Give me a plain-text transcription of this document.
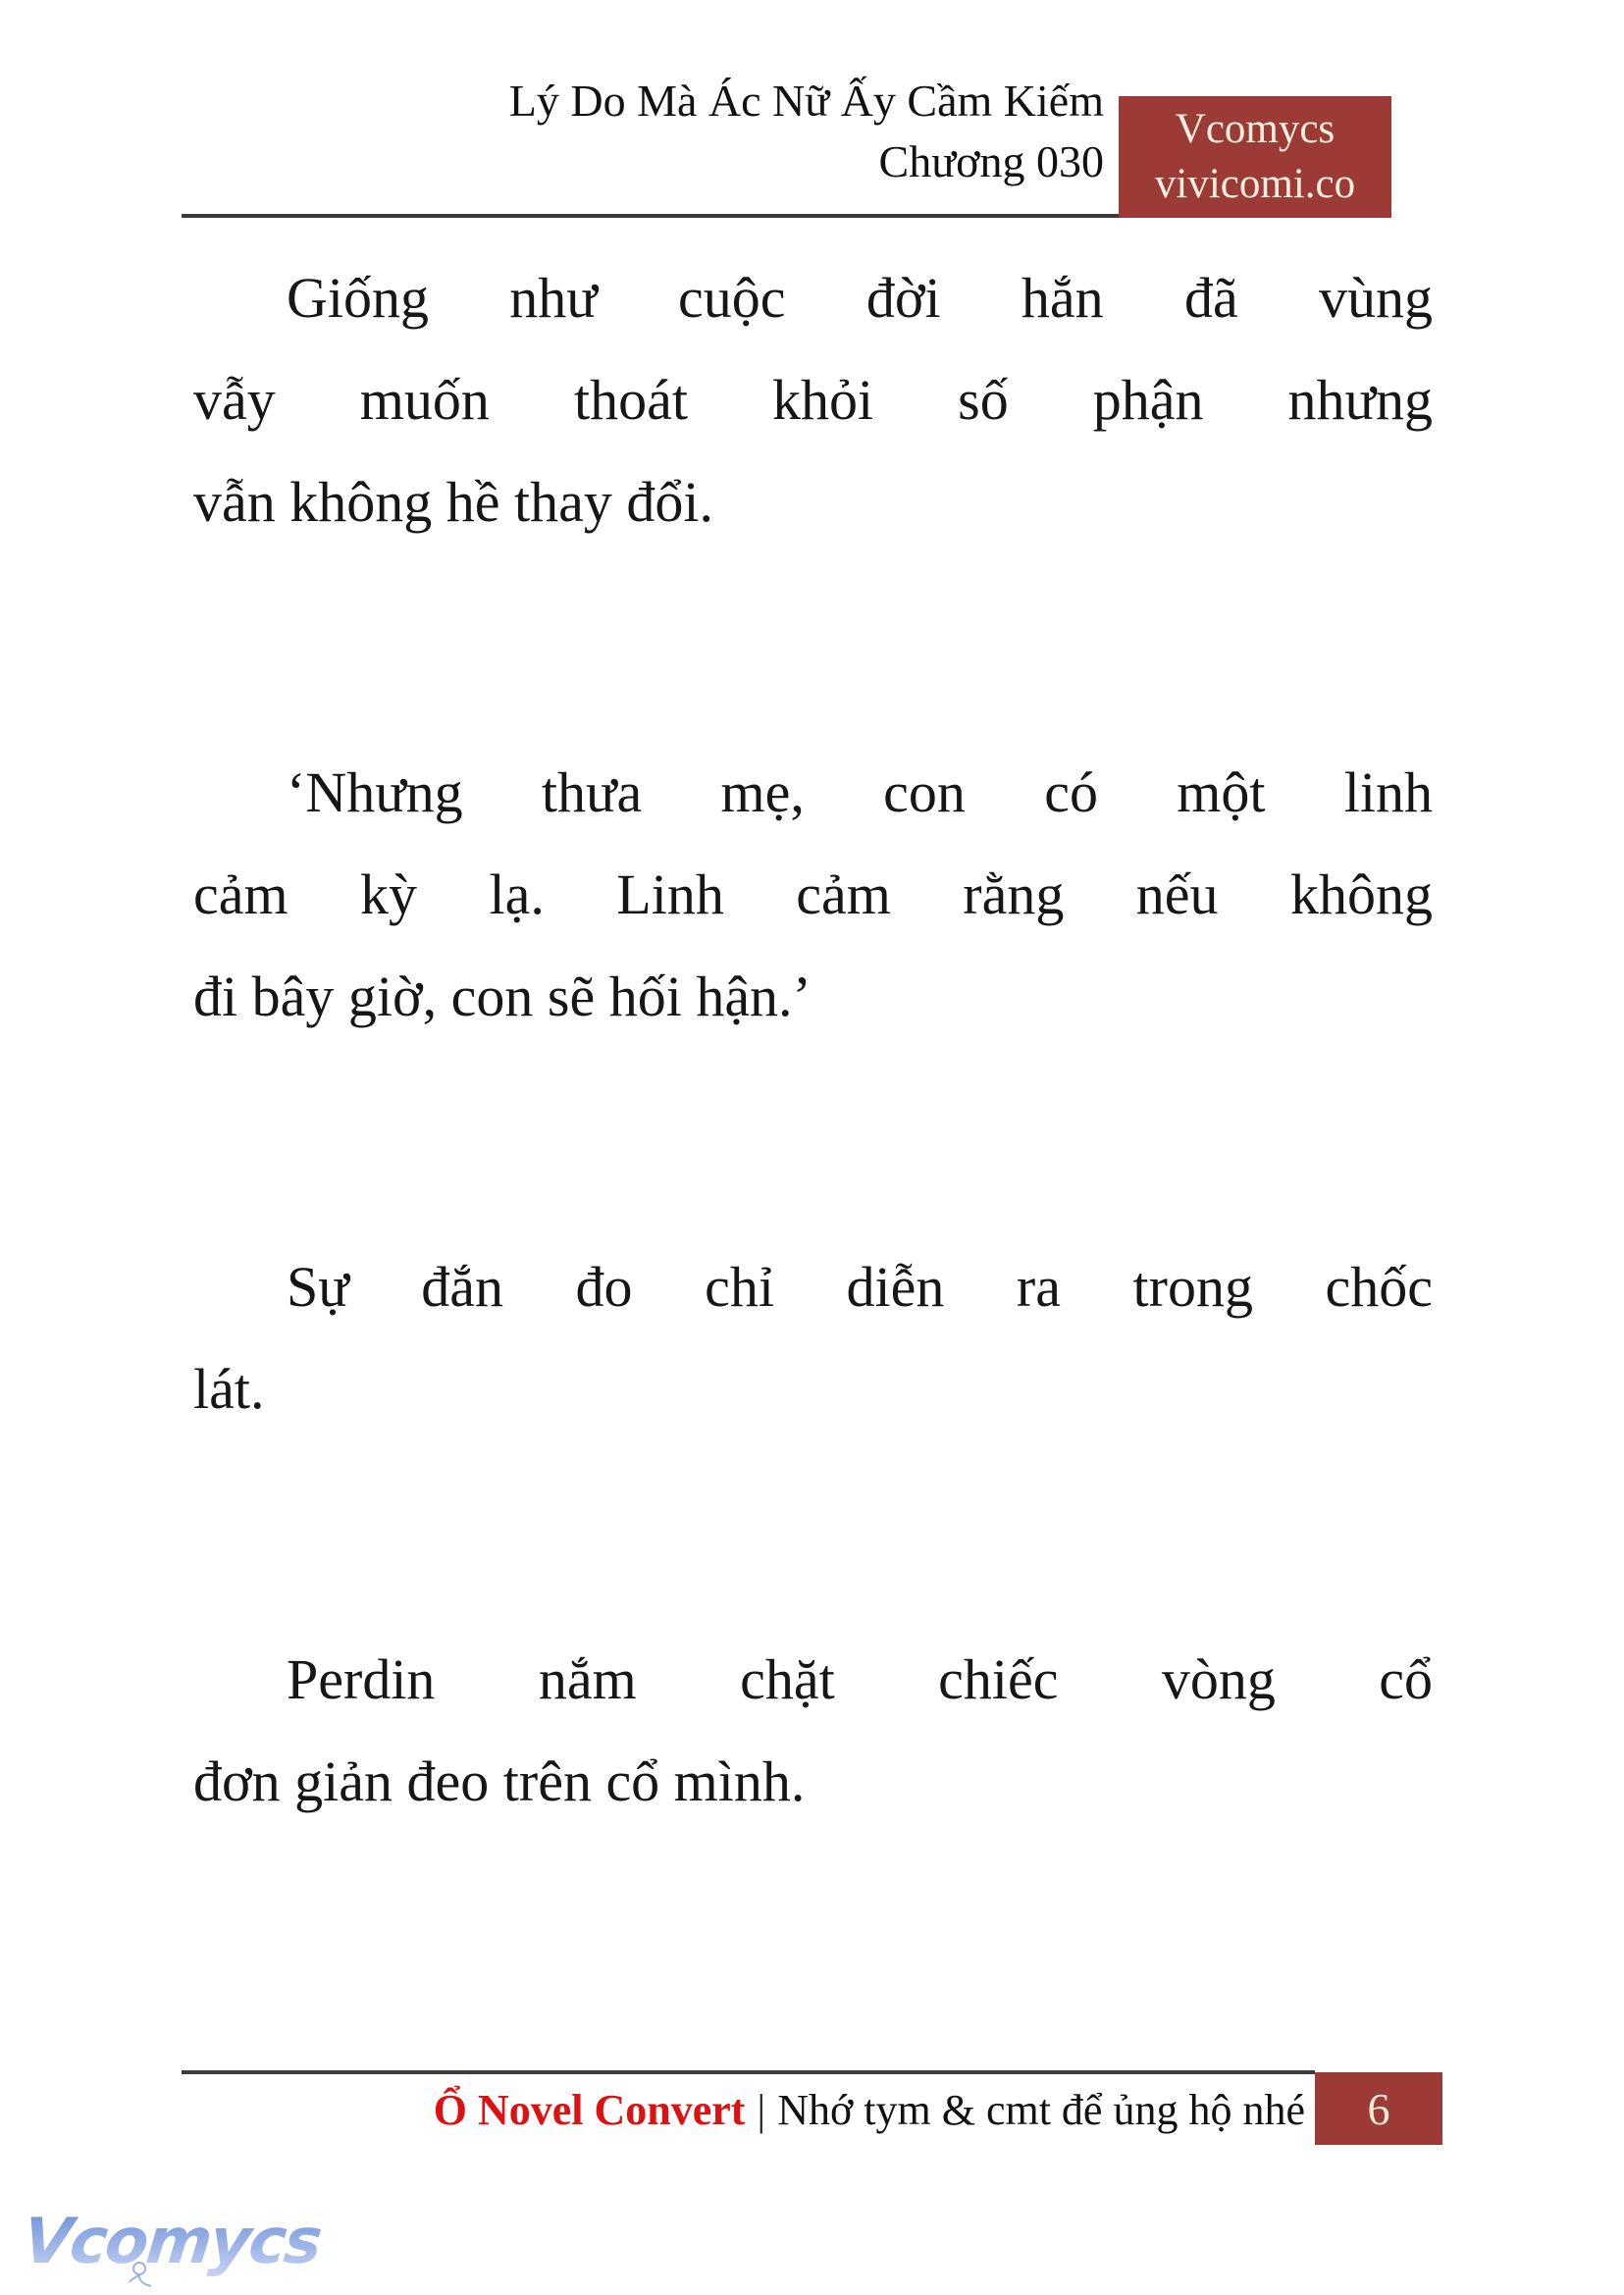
Lý Do Mà Ác Nữ Ấy Cầm Kiếm
Chương 030
Vcomycs
vivicomi.co
Giống như cuộc đời hắn đã vùng
vẫy muốn thoát khỏi số phận nhưng
vẫn không hề thay đổi.
‘Nhưng thưa mẹ, con có một linh
cảm kỳ lạ. Linh cảm rằng nếu không
đi bây giờ, con sẽ hối hận.’
Sự đắn đo chỉ diễn ra trong chốc
lát.
Perdin nắm chặt chiếc vòng cổ
đơn giản đeo trên cổ mình.
Ổ Novel Convert | Nhớ tym & cmt để ủng hộ nhé 6
Vcomycs
